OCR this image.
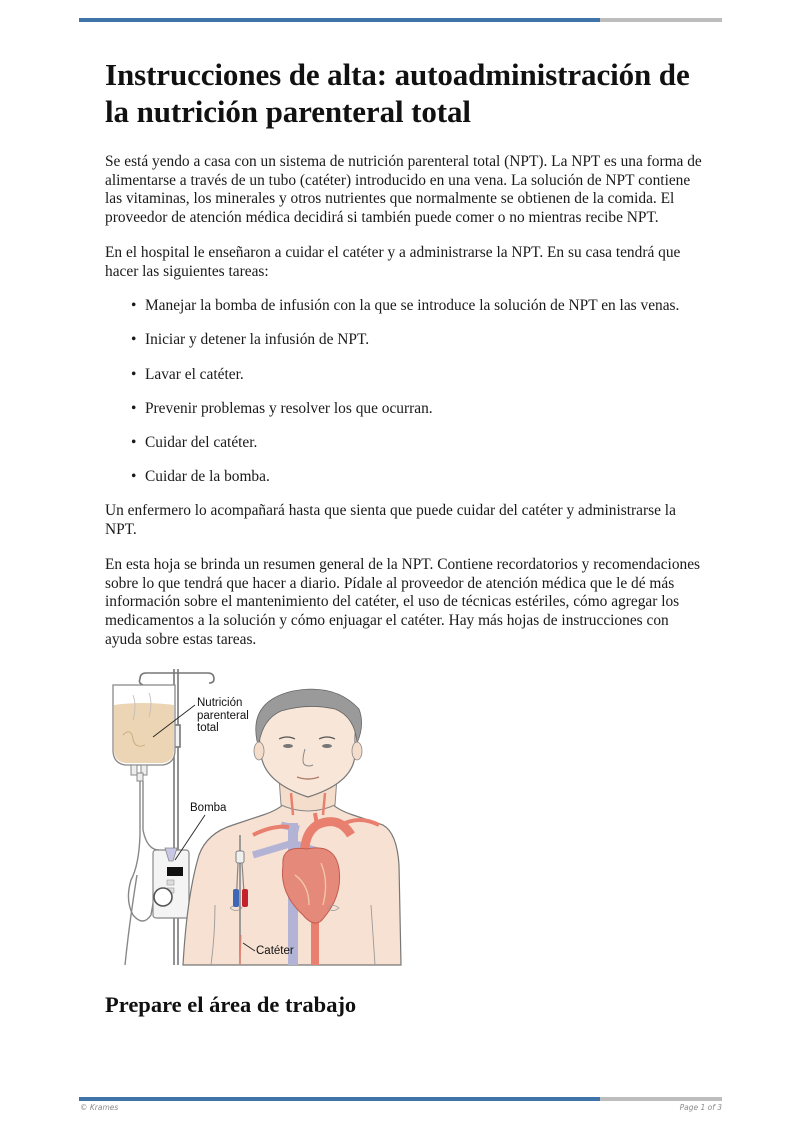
Instrucciones de alta: autoadministración de la nutrición parenteral total

Se está yendo a casa con un sistema de nutrición parenteral total (NPT). La NPT es una forma de alimentarse a través de un tubo (catéter) introducido en una vena. La solución de NPT contiene las vitaminas, los minerales y otros nutrientes que normalmente se obtienen de la comida. El proveedor de atención médica decidirá si también puede comer o no mientras recibe NPT.

En el hospital le enseñaron a cuidar el catéter y a administrarse la NPT. En su casa tendrá que hacer las siguientes tareas:

• Manejar la bomba de infusión con la que se introduce la solución de NPT en las venas.
• Iniciar y detener la infusión de NPT.
• Lavar el catéter.
• Prevenir problemas y resolver los que ocurran.
• Cuidar del catéter.
• Cuidar de la bomba.

Un enfermero lo acompañará hasta que sienta que puede cuidar del catéter y administrarse la NPT.

En esta hoja se brinda un resumen general de la NPT. Contiene recordatorios y recomendaciones sobre lo que tendrá que hacer a diario. Pídale al proveedor de atención médica que le dé más información sobre el mantenimiento del catéter, el uso de técnicas estériles, cómo agregar los medicamentos a la solución y cómo enjuagar el catéter. Hay más hojas de instrucciones con ayuda sobre estas tareas.

Nutrición
parenteral
total
Bomba
Catéter
Prepare el área de trabajo
© Krames	Page 1 of 3
